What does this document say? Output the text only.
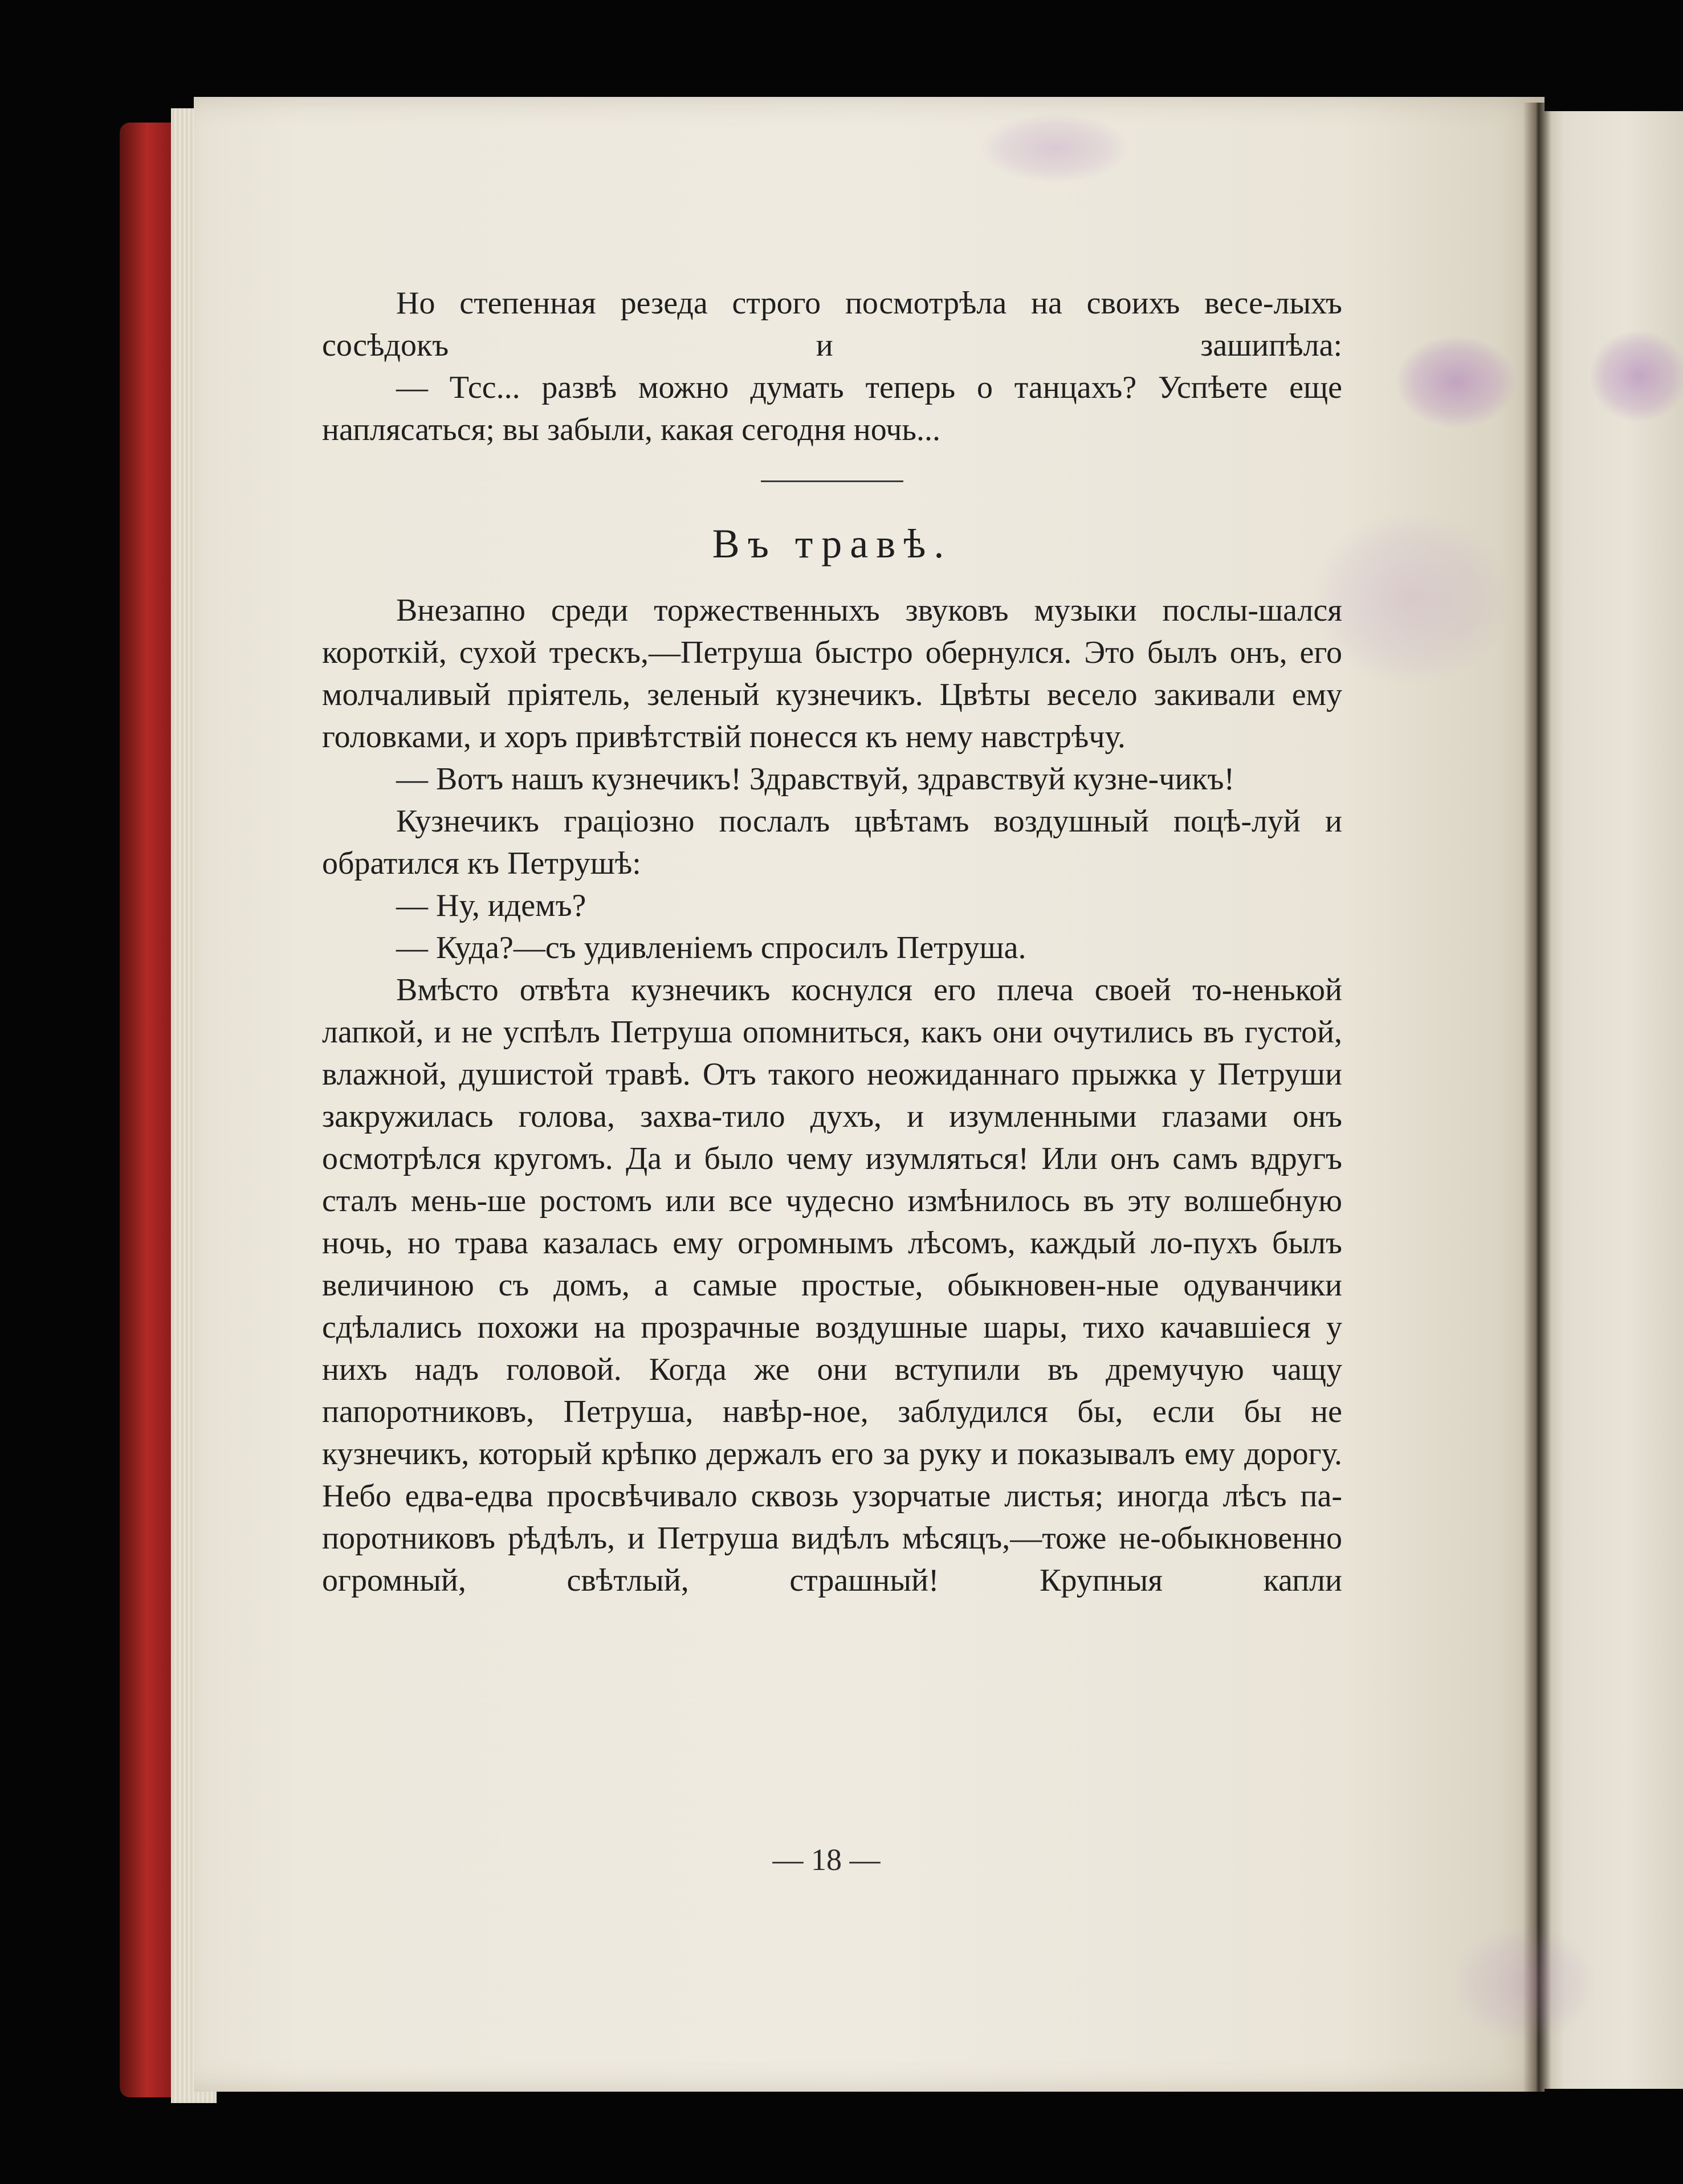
Но степенная резеда строго посмотрѣла на своихъ весе-лыхъ сосѣдокъ и зашипѣла:

— Тсс... развѣ можно думать теперь о танцахъ? Успѣете еще наплясаться; вы забыли, какая сегодня ночь...

Въ травѣ.

Внезапно среди торжественныхъ звуковъ музыки послы-шался короткій, сухой трескъ,—Петруша быстро обернулся. Это былъ онъ, его молчаливый пріятель, зеленый кузнечикъ. Цвѣты весело закивали ему головками, и хоръ привѣтствій понесся къ нему навстрѣчу.

— Вотъ нашъ кузнечикъ! Здравствуй, здравствуй кузне-чикъ!

Кузнечикъ граціозно послалъ цвѣтамъ воздушный поцѣ-луй и обратился къ Петрушѣ:

— Ну, идемъ?

— Куда?—съ удивленіемъ спросилъ Петруша.

Вмѣсто отвѣта кузнечикъ коснулся его плеча своей то-ненькой лапкой, и не успѣлъ Петруша опомниться, какъ они очутились въ густой, влажной, душистой травѣ. Отъ такого неожиданнаго прыжка у Петруши закружилась голова, захва-тило духъ, и изумленными глазами онъ осмотрѣлся кругомъ. Да и было чему изумляться! Или онъ самъ вдругъ сталъ мень-ше ростомъ или все чудесно измѣнилось въ эту волшебную ночь, но трава казалась ему огромнымъ лѣсомъ, каждый ло-пухъ былъ величиною съ домъ, а самые простые, обыкновен-ные одуванчики сдѣлались похожи на прозрачные воздушные шары, тихо качавшіеся у нихъ надъ головой. Когда же они вступили въ дремучую чащу папоротниковъ, Петруша, навѣр-ное, заблудился бы, если бы не кузнечикъ, который крѣпко держалъ его за руку и показывалъ ему дорогу. Небо едва-едва просвѣчивало сквозь узорчатые листья; иногда лѣсъ па-поротниковъ рѣдѣлъ, и Петруша видѣлъ мѣсяцъ,—тоже не-обыкновенно огромный, свѣтлый, страшный! Крупныя капли

— 18 —
